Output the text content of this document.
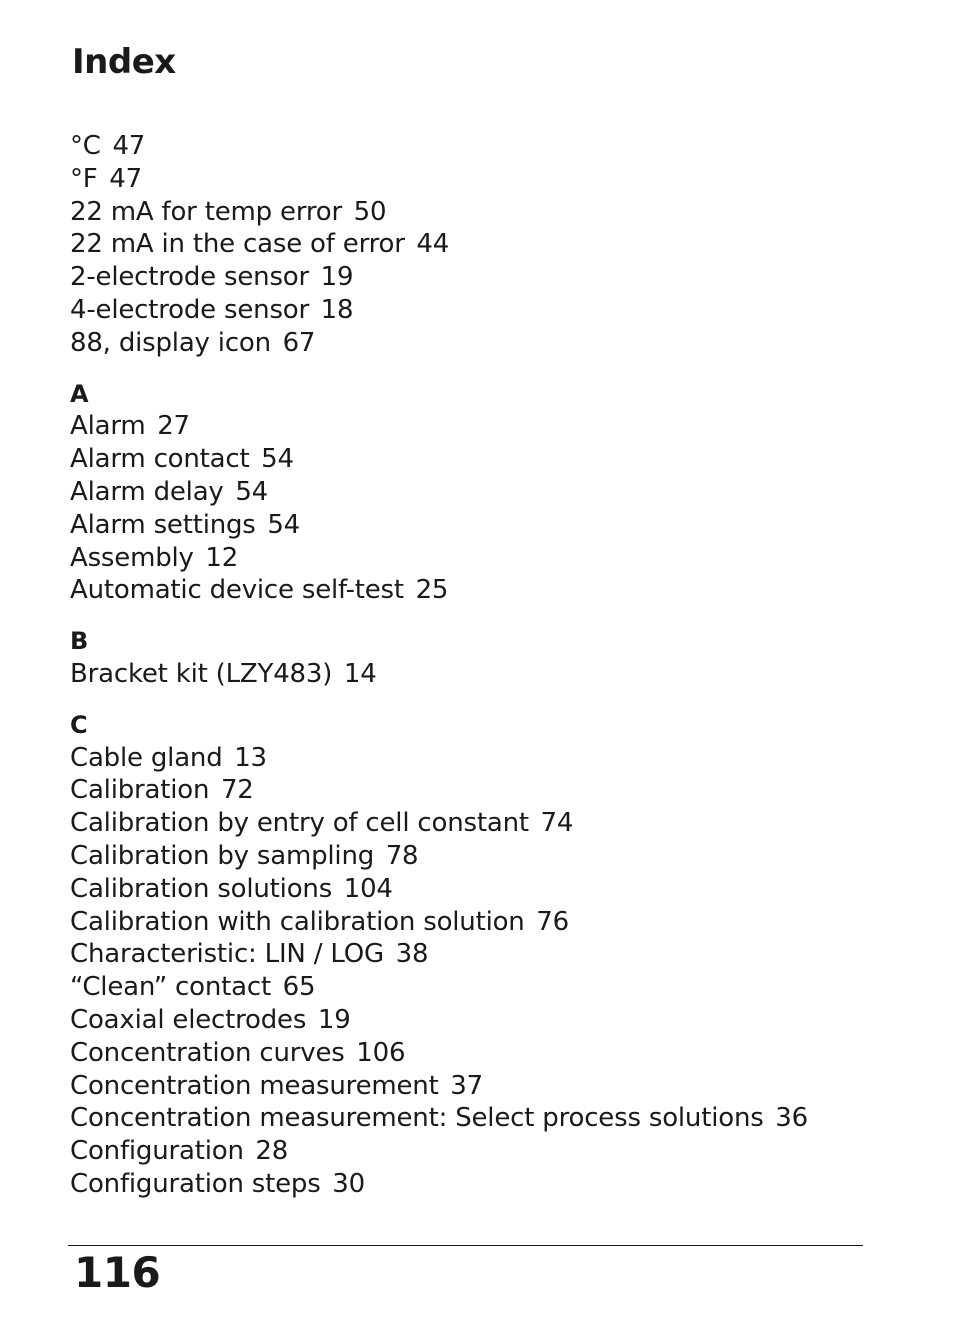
Index
°C 47
°F 47
22 mA for temp error 50
22 mA in the case of error 44
2-electrode sensor 19
4-electrode sensor 18
88, display icon 67
A
Alarm 27
Alarm contact 54
Alarm delay 54
Alarm settings 54
Assembly 12
Automatic device self-test 25
B
Bracket kit (LZY483) 14
C
Cable gland 13
Calibration 72
Calibration by entry of cell constant 74
Calibration by sampling 78
Calibration solutions 104
Calibration with calibration solution 76
Characteristic: LIN / LOG 38
“Clean” contact 65
Coaxial electrodes 19
Concentration curves 106
Concentration measurement 37
Concentration measurement: Select process solutions 36
Configuration 28
Configuration steps 30
116
